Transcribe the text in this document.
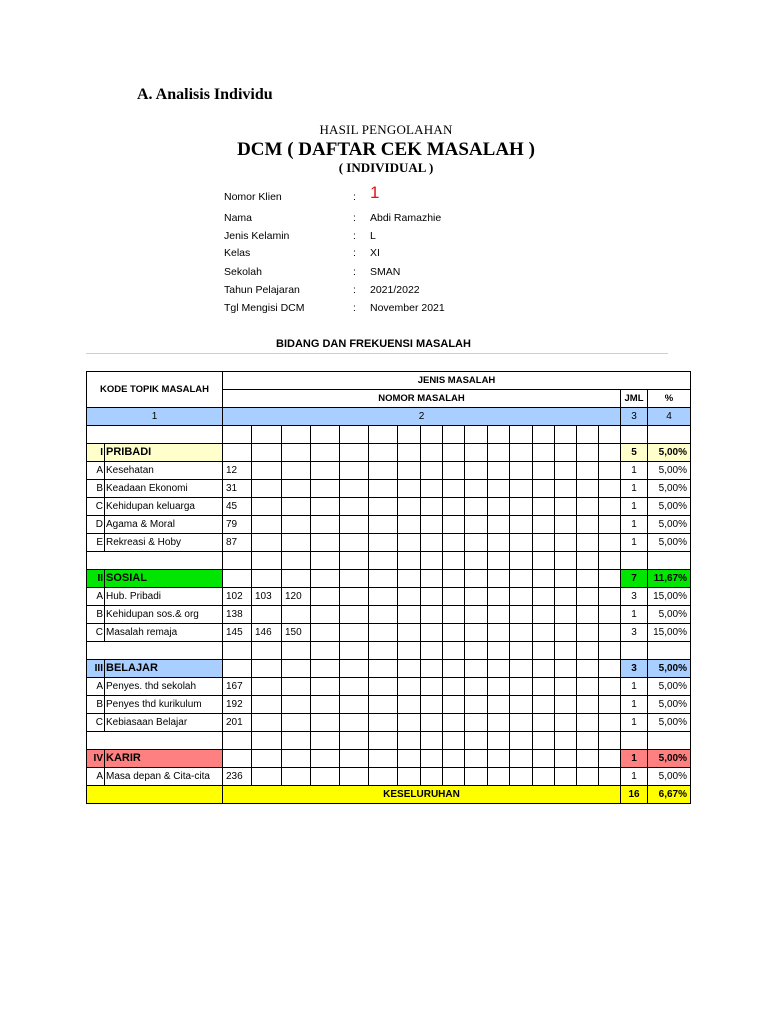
A. Analisis Individu
HASIL PENGOLAHAN
DCM ( DAFTAR CEK MASALAH )
( INDIVIDUAL )
Nomor Klien	: 1
Nama	: Abdi Ramazhie
Jenis Kelamin	: L
Kelas	: XI
Sekolah	: SMAN
Tahun Pelajaran	: 2021/2022
Tgl Mengisi DCM	: November 2021
BIDANG DAN FREKUENSI MASALAH
KODE TOPIK MASALAH		JENIS MASALAH																	
		NOMOR MASALAH																JML	%
1		2																3	4

I	PRIBADI																	5	5,00%
A	Kesehatan	12																1	5,00%
B	Keadaan Ekonomi	31																1	5,00%
C	Kehidupan keluarga	45																1	5,00%
D	Agama & Moral	79																1	5,00%
E	Rekreasi & Hoby	87																1	5,00%

II	SOSIAL																	7	11,67%
A	Hub. Pribadi	102	103	120														3	15,00%
B	Kehidupan sos.& org	138																1	5,00%
C	Masalah remaja	145	146	150														3	15,00%

III	BELAJAR																	3	5,00%
A	Penyes. thd sekolah	167																1	5,00%
B	Penyes thd kurikulum	192																1	5,00%
C	Kebiasaan Belajar	201																1	5,00%

IV	KARIR																	1	5,00%
A	Masa depan & Cita-cita	236																1	5,00%
		KESELURUHAN																16	6,67%
